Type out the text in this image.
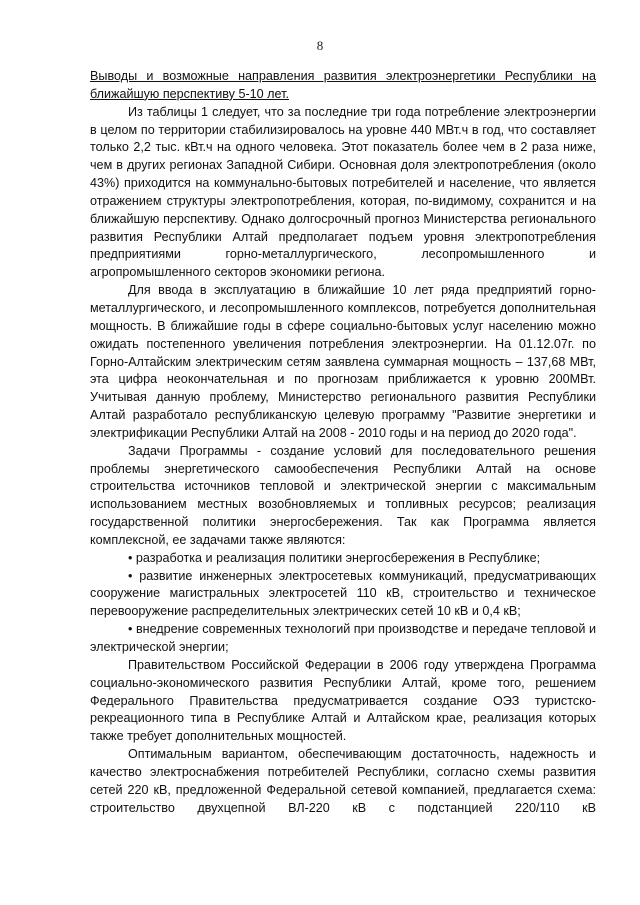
8

Выводы и возможные направления развития электроэнергетики Республики на ближайшую перспективу 5-10 лет.

Из таблицы 1 следует, что за последние три года потребление электроэнергии в целом по территории стабилизировалось на уровне 440 МВт.ч в год, что составляет только 2,2 тыс. кВт.ч на одного человека. Этот показатель более чем в 2 раза ниже, чем в других регионах Западной Сибири. Основная доля электропотребления (около 43%) приходится на коммунально-бытовых потребителей и население, что является отражением структуры электропотребления, которая, по-видимому, сохранится и на ближайшую перспективу. Однако долгосрочный прогноз Министерства регионального развития Республики Алтай предполагает подъем уровня электропотребления предприятиями горно-металлургического, лесопромышленного и агропромышленного секторов экономики региона.

Для ввода в эксплуатацию в ближайшие 10 лет ряда предприятий горно-металлургического, и лесопромышленного комплексов, потребуется дополнительная мощность. В ближайшие годы в сфере социально-бытовых услуг населению можно ожидать постепенного увеличения потребления электроэнергии. На 01.12.07г. по Горно-Алтайским электрическим сетям заявлена суммарная мощность – 137,68 МВт, эта цифра неокончательная и по прогнозам приближается к уровню 200МВт. Учитывая данную проблему, Министерство регионального развития Республики Алтай разработало республиканскую целевую программу "Развитие энергетики и электрификации Республики Алтай на 2008 - 2010 годы и на период до 2020 года".

Задачи Программы - создание условий для последовательного решения проблемы энергетического самообеспечения Республики Алтай на основе строительства источников тепловой и электрической энергии с максимальным использованием местных возобновляемых и топливных ресурсов; реализация государственной политики энергосбережения. Так как Программа является комплексной, ее задачами также являются:

• разработка и реализация политики энергосбережения в Республике;

• развитие инженерных электросетевых коммуникаций, предусматривающих сооружение магистральных электросетей 110 кВ, строительство и техническое перевооружение распределительных электрических сетей 10 кВ и 0,4 кВ;

• внедрение современных технологий при производстве и передаче тепловой и электрической энергии;

Правительством Российской Федерации в 2006 году утверждена Программа социально-экономического развития Республики Алтай, кроме того, решением Федерального Правительства предусматривается создание ОЭЗ туристско-рекреационного типа в Республике Алтай и Алтайском крае, реализация которых также требует дополнительных мощностей.

Оптимальным вариантом, обеспечивающим достаточность, надежность и качество электроснабжения потребителей Республики, согласно схемы развития сетей 220 кВ, предложенной Федеральной сетевой компанией, предлагается схема: строительство двухцепной ВЛ-220 кВ с подстанцией 220/110 кВ
